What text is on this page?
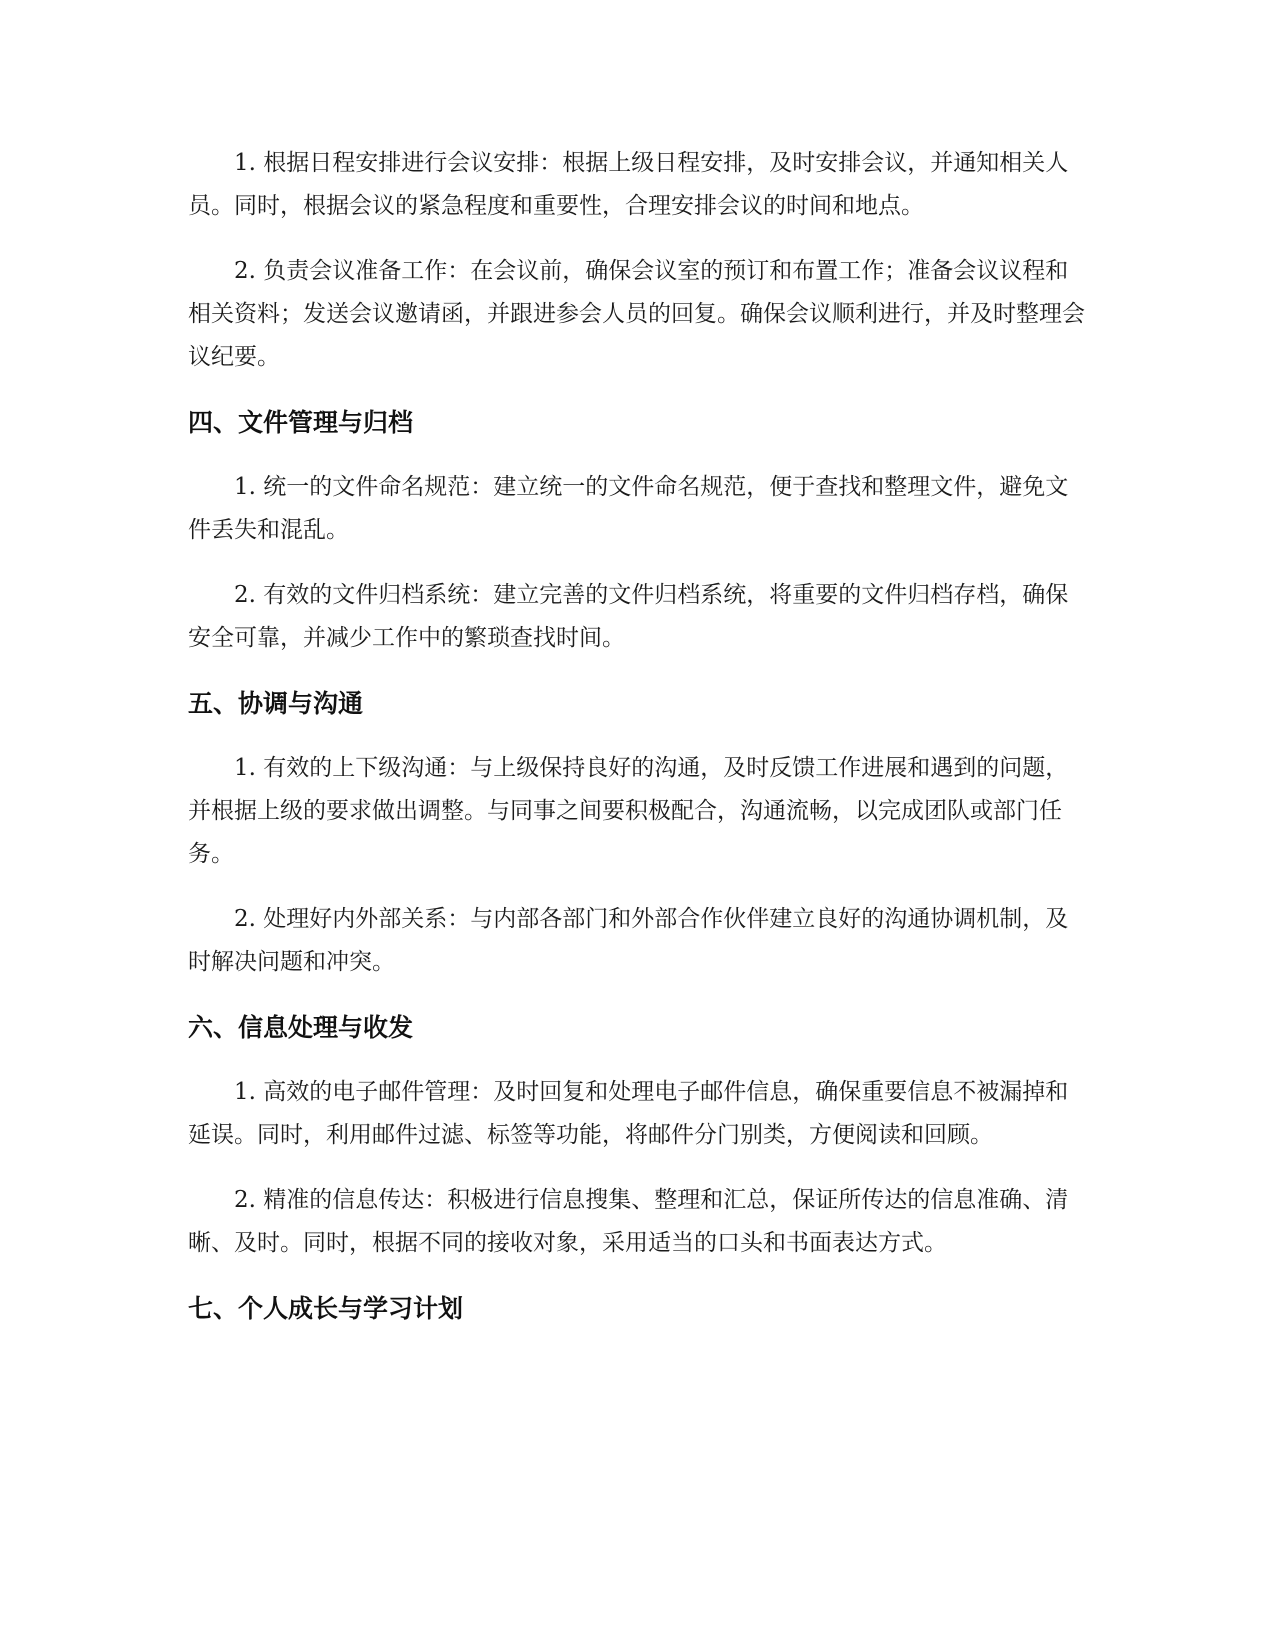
1. 根据日程安排进行会议安排：根据上级日程安排，及时安排会议，并通知相关人员。同时，根据会议的紧急程度和重要性，合理安排会议的时间和地点。

2. 负责会议准备工作：在会议前，确保会议室的预订和布置工作；准备会议议程和相关资料；发送会议邀请函，并跟进参会人员的回复。确保会议顺利进行，并及时整理会议纪要。

四、文件管理与归档

1. 统一的文件命名规范：建立统一的文件命名规范，便于查找和整理文件，避免文件丢失和混乱。

2. 有效的文件归档系统：建立完善的文件归档系统，将重要的文件归档存档，确保安全可靠，并减少工作中的繁琐查找时间。

五、协调与沟通

1. 有效的上下级沟通：与上级保持良好的沟通，及时反馈工作进展和遇到的问题，并根据上级的要求做出调整。与同事之间要积极配合，沟通流畅，以完成团队或部门任务。

2. 处理好内外部关系：与内部各部门和外部合作伙伴建立良好的沟通协调机制，及时解决问题和冲突。

六、信息处理与收发

1. 高效的电子邮件管理：及时回复和处理电子邮件信息，确保重要信息不被漏掉和延误。同时，利用邮件过滤、标签等功能，将邮件分门别类，方便阅读和回顾。

2. 精准的信息传达：积极进行信息搜集、整理和汇总，保证所传达的信息准确、清晰、及时。同时，根据不同的接收对象，采用适当的口头和书面表达方式。

七、个人成长与学习计划
